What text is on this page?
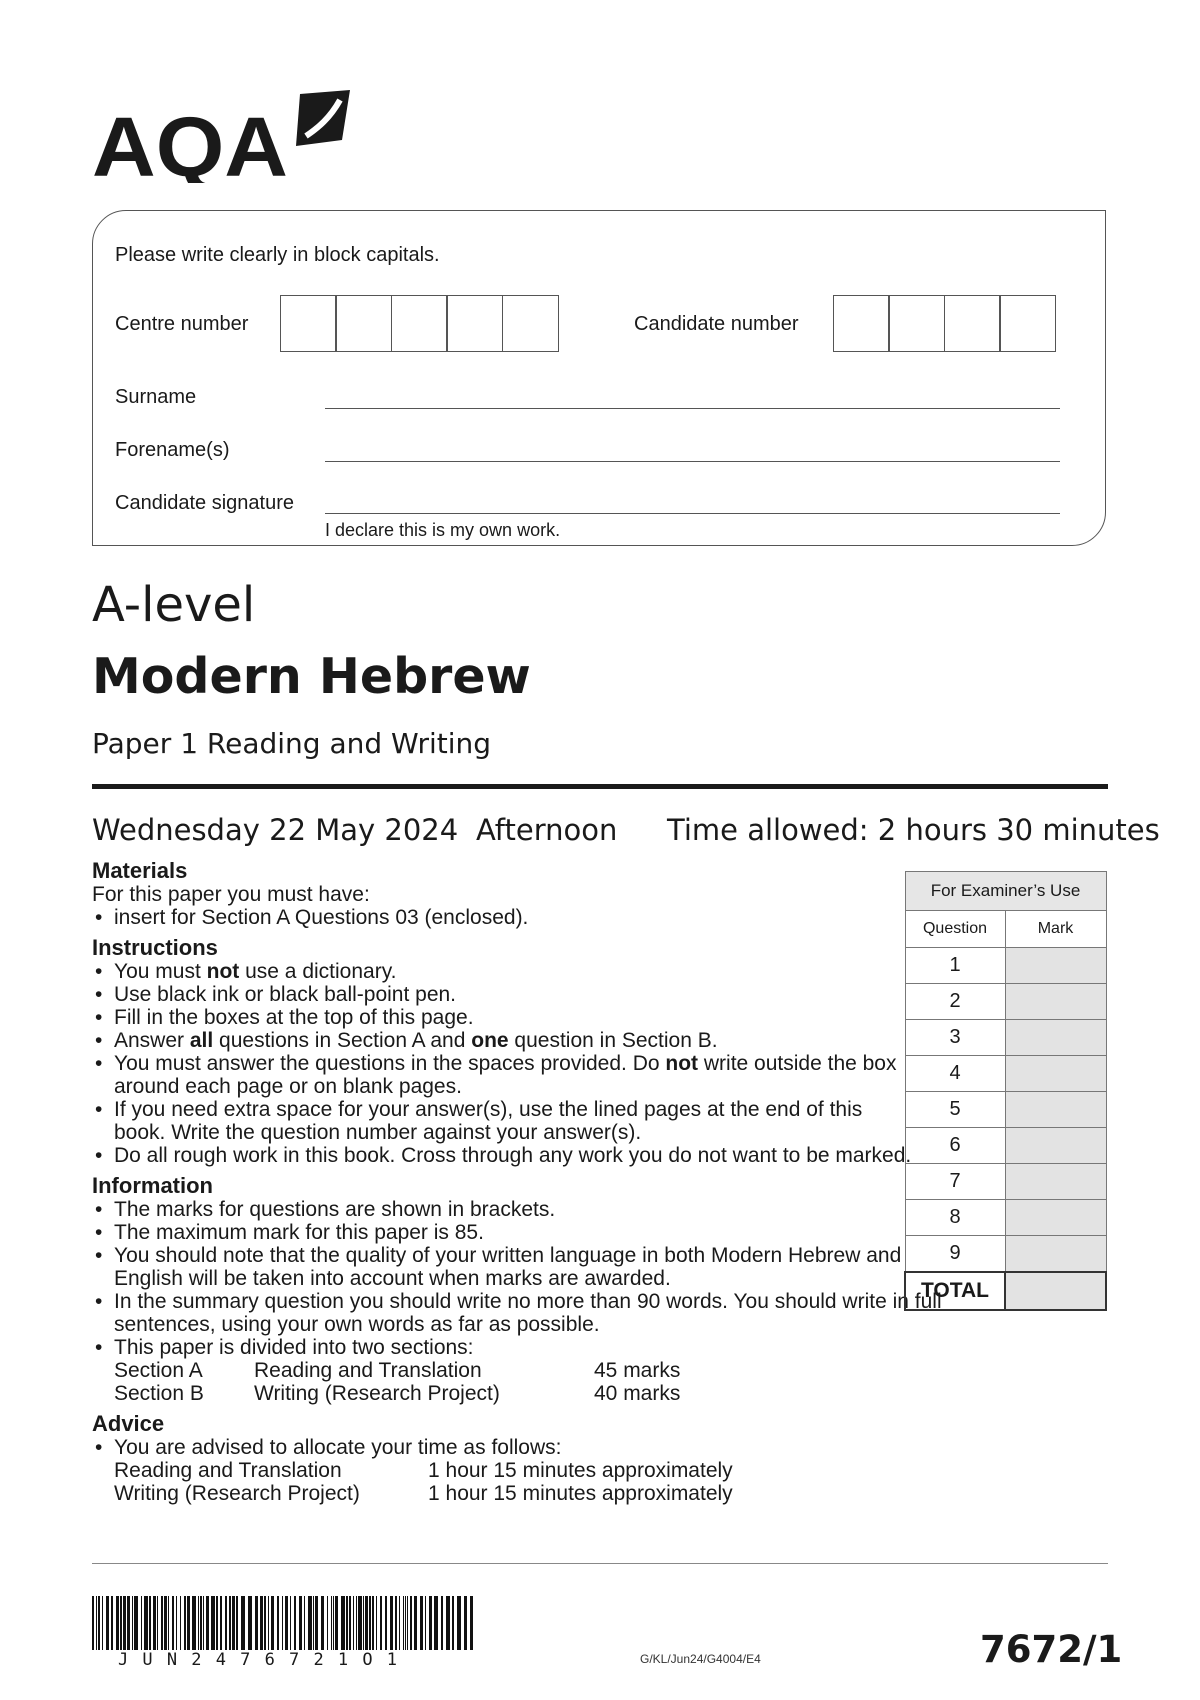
AQA
Please write clearly in block capitals.
Centre number	Candidate number
Surname
Forename(s)
Candidate signature
I declare this is my own work.
A-level
Modern Hebrew
Paper 1 Reading and Writing
Wednesday 22 May 2024 Afternoon Time allowed: 2 hours 30 minutes
Materials
For this paper you must have:
• insert for Section A Questions 03 (enclosed).
Instructions
• You must not use a dictionary.
• Use black ink or black ball-point pen.
• Fill in the boxes at the top of this page.
• Answer all questions in Section A and one question in Section B.
• You must answer the questions in the spaces provided. Do not write outside the box around each page or on blank pages.
• If you need extra space for your answer(s), use the lined pages at the end of this book. Write the question number against your answer(s).
• Do all rough work in this book. Cross through any work you do not want to be marked.
Information
• The marks for questions are shown in brackets.
• The maximum mark for this paper is 85.
• You should note that the quality of your written language in both Modern Hebrew and English will be taken into account when marks are awarded.
• In the summary question you should write no more than 90 words. You should write in full sentences, using your own words as far as possible.
• This paper is divided into two sections:
Section A	Reading and Translation	45 marks
Section B	Writing (Research Project)	40 marks
Advice
• You are advised to allocate your time as follows:
Reading and Translation	1 hour 15 minutes approximately
Writing (Research Project)	1 hour 15 minutes approximately
For Examiner’s Use	
Question	Mark
1	
2	
3	
4	
5	
6	
7	
8	
9	
TOTAL	
JUN2476721O1	G/KL/Jun24/G4004/E4	7672/1
